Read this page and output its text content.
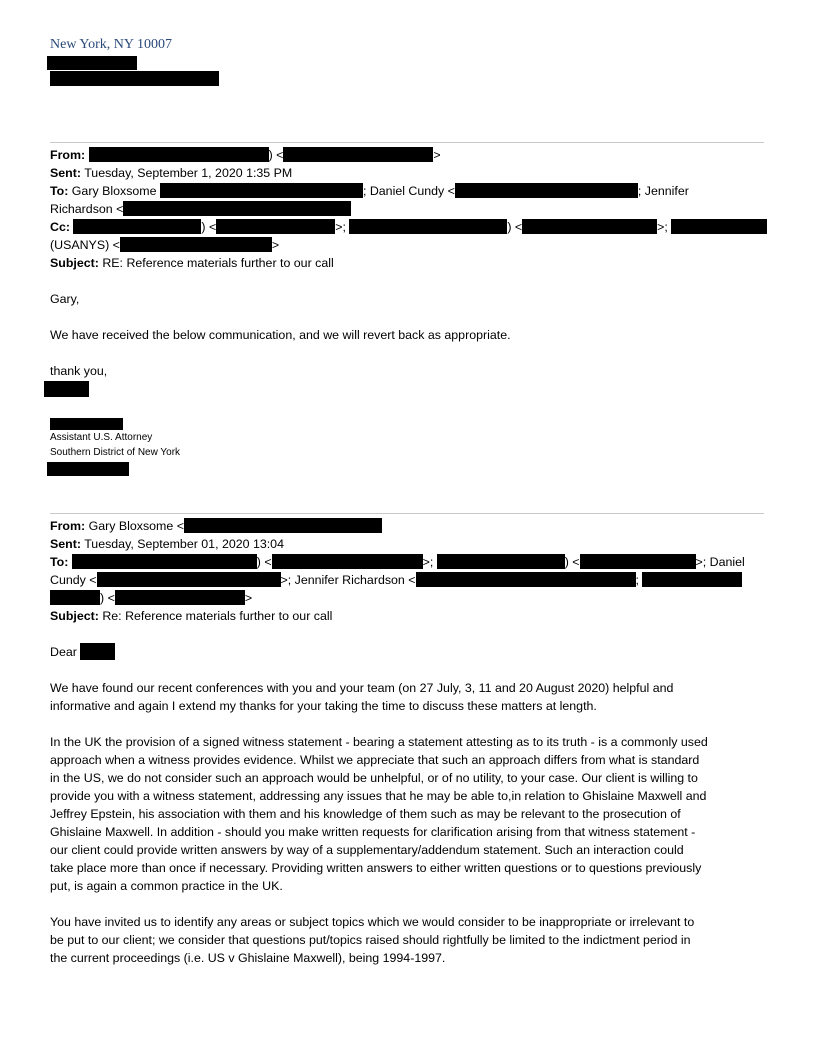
New York, NY 10007
From:	) <	>
Sent: Tuesday, September 1, 2020 1:35 PM
To: Gary Bloxsome	; Daniel Cundy <	; Jennifer
Richardson <
Cc:	) <	>;	) <	>;
(USANYS) <	>
Subject: RE: Reference materials further to our call
Gary,
We have received the below communication, and we will revert back as appropriate.
thank you,
Assistant U.S. Attorney
Southern District of New York
From: Gary Bloxsome <
Sent: Tuesday, September 01, 2020 13:04
To:	) <	>;	) <	>; Daniel
Cundy <	>; Jennifer Richardson <	;
) <	>
Subject: Re: Reference materials further to our call
Dear
We have found our recent conferences with you and your team (on 27 July, 3, 11 and 20 August 2020) helpful and
informative and again I extend my thanks for your taking the time to discuss these matters at length.
In the UK the provision of a signed witness statement - bearing a statement attesting as to its truth - is a commonly used
approach when a witness provides evidence. Whilst we appreciate that such an approach differs from what is standard
in the US, we do not consider such an approach would be unhelpful, or of no utility, to your case. Our client is willing to
provide you with a witness statement, addressing any issues that he may be able to,in relation to Ghislaine Maxwell and
Jeffrey Epstein, his association with them and his knowledge of them such as may be relevant to the prosecution of
Ghislaine Maxwell. In addition - should you make written requests for clarification arising from that witness statement -
our client could provide written answers by way of a supplementary/addendum statement. Such an interaction could
take place more than once if necessary. Providing written answers to either written questions or to questions previously
put, is again a common practice in the UK.
You have invited us to identify any areas or subject topics which we would consider to be inappropriate or irrelevant to
be put to our client; we consider that questions put/topics raised should rightfully be limited to the indictment period in
the current proceedings (i.e. US v Ghislaine Maxwell), being 1994-1997.
